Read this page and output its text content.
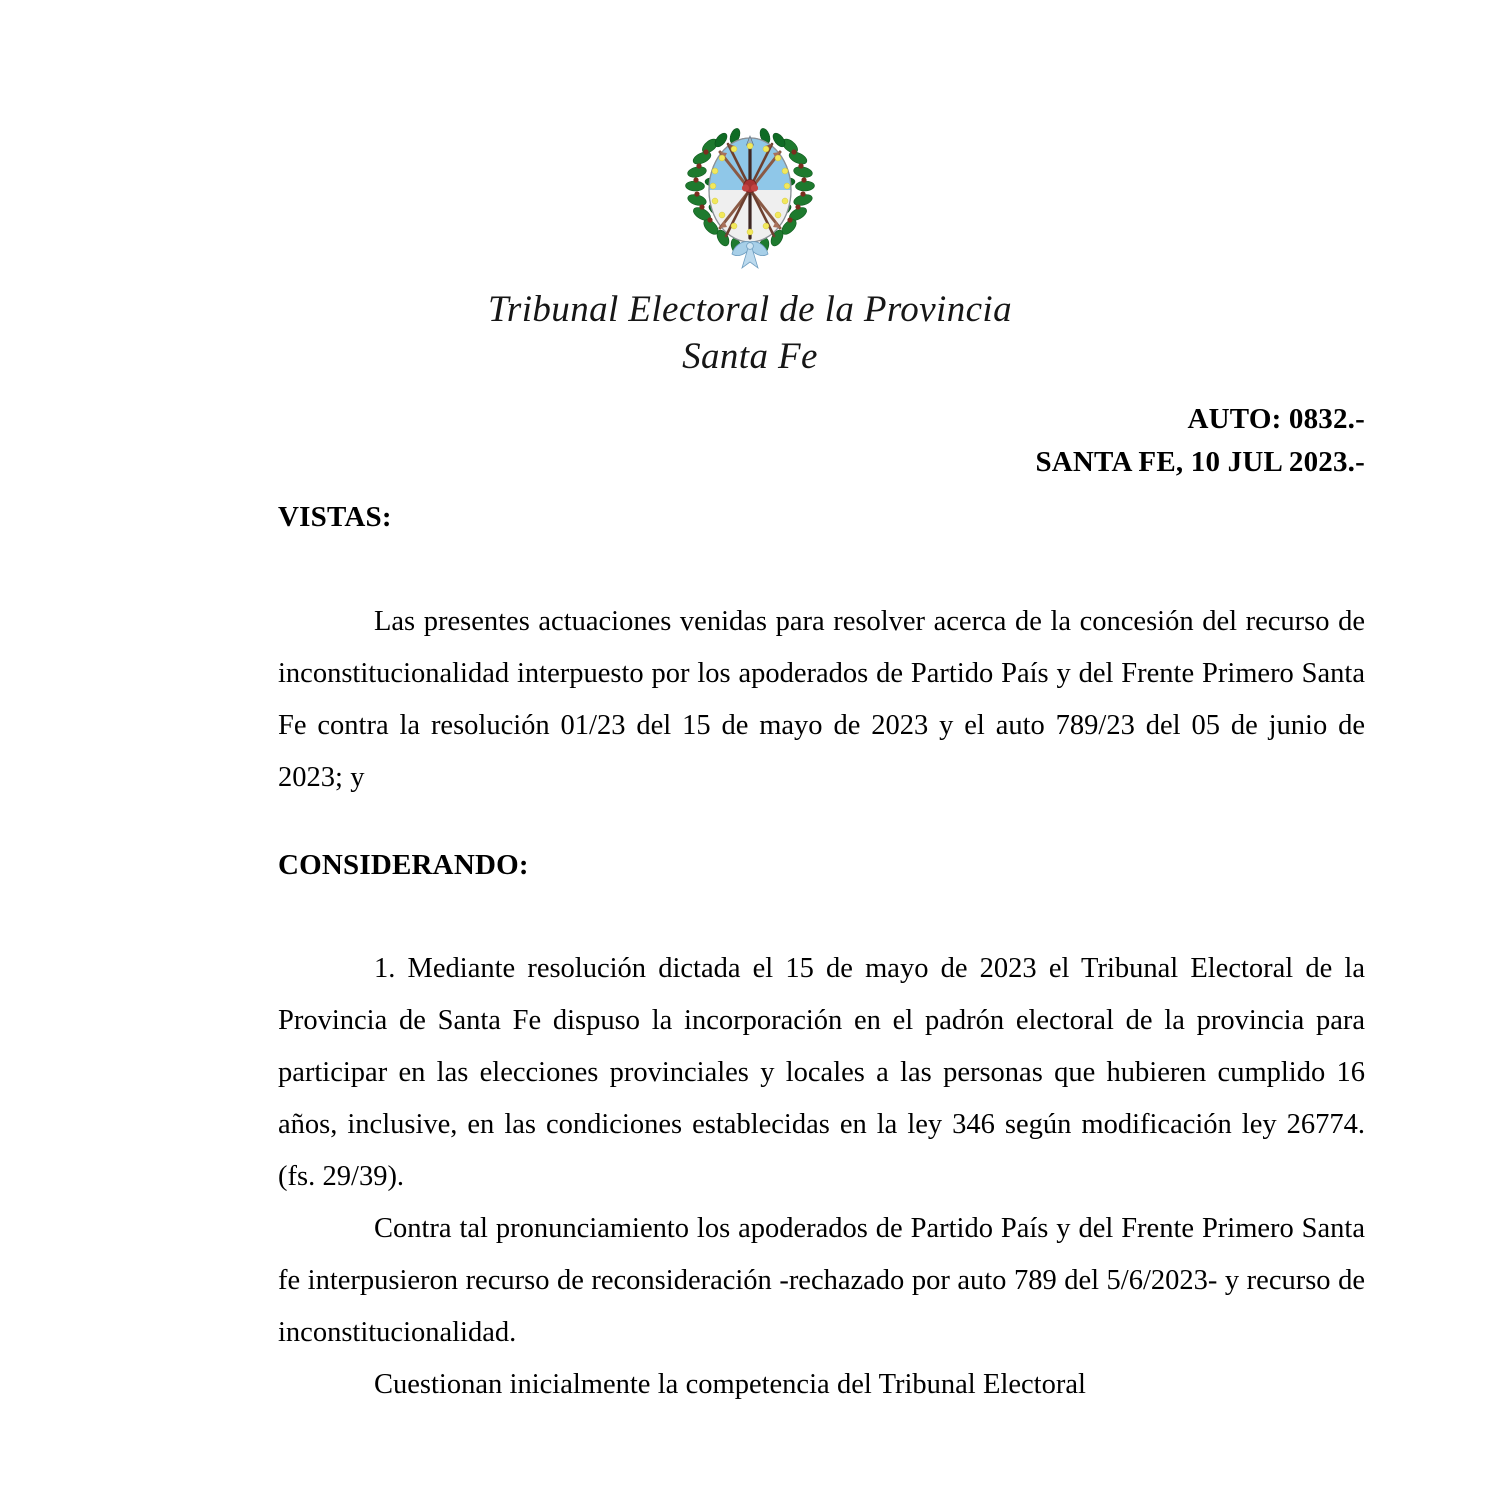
Tribunal Electoral de la Provincia
Santa Fe
AUTO: 0832.-
SANTA FE, 10 JUL 2023.-
VISTAS:

Las presentes actuaciones venidas para resolver acerca de la concesión del recurso de inconstitucionalidad interpuesto por los apoderados de Partido País y del Frente Primero Santa Fe contra la resolución 01/23 del 15 de mayo de 2023 y el auto 789/23 del 05 de junio de 2023; y

CONSIDERANDO:

1. Mediante resolución dictada el 15 de mayo de 2023 el Tribunal Electoral de la Provincia de Santa Fe dispuso la incorporación en el padrón electoral de la provincia para participar en las elecciones provinciales y locales a las personas que hubieren cumplido 16 años, inclusive, en las condiciones establecidas en la ley 346 según modificación ley 26774. (fs. 29/39).

Contra tal pronunciamiento los apoderados de Partido País y del Frente Primero Santa fe interpusieron recurso de reconsideración -rechazado por auto 789 del 5/6/2023- y recurso de inconstitucionalidad.

Cuestionan inicialmente la competencia del Tribunal Electoral
